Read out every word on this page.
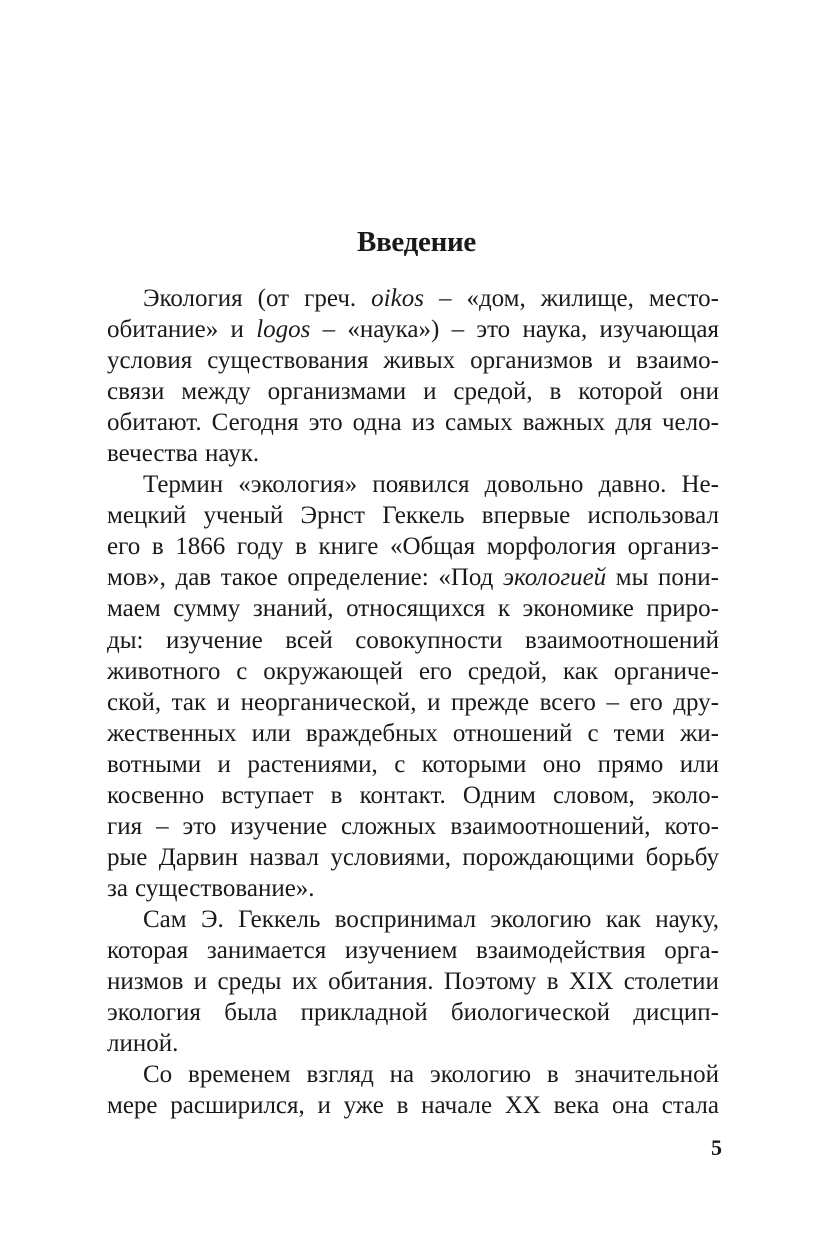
Введение
Экология (от греч. oikos – «дом, жилище, место-
обитание» и logos – «наука») – это наука, изучающая
условия существования живых организмов и взаимо-
связи между организмами и средой, в которой они
обитают. Сегодня это одна из самых важных для чело-
вечества наук.
Термин «экология» появился довольно давно. Не-
мецкий ученый Эрнст Геккель впервые использовал
его в 1866 году в книге «Общая морфология организ-
мов», дав такое определение: «Под экологией мы пони-
маем сумму знаний, относящихся к экономике приро-
ды: изучение всей совокупности взаимоотношений
животного с окружающей его средой, как органиче-
ской, так и неорганической, и прежде всего – его дру-
жественных или враждебных отношений с теми жи-
вотными и растениями, с которыми оно прямо или
косвенно вступает в контакт. Одним словом, эколо-
гия – это изучение сложных взаимоотношений, кото-
рые Дарвин назвал условиями, порождающими борьбу
за существование».
Сам Э. Геккель воспринимал экологию как науку,
которая занимается изучением взаимодействия орга-
низмов и среды их обитания. Поэтому в XIX столетии
экология была прикладной биологической дисцип-
линой.
Со временем взгляд на экологию в значительной
мере расширился, и уже в начале XX века она стала
5
